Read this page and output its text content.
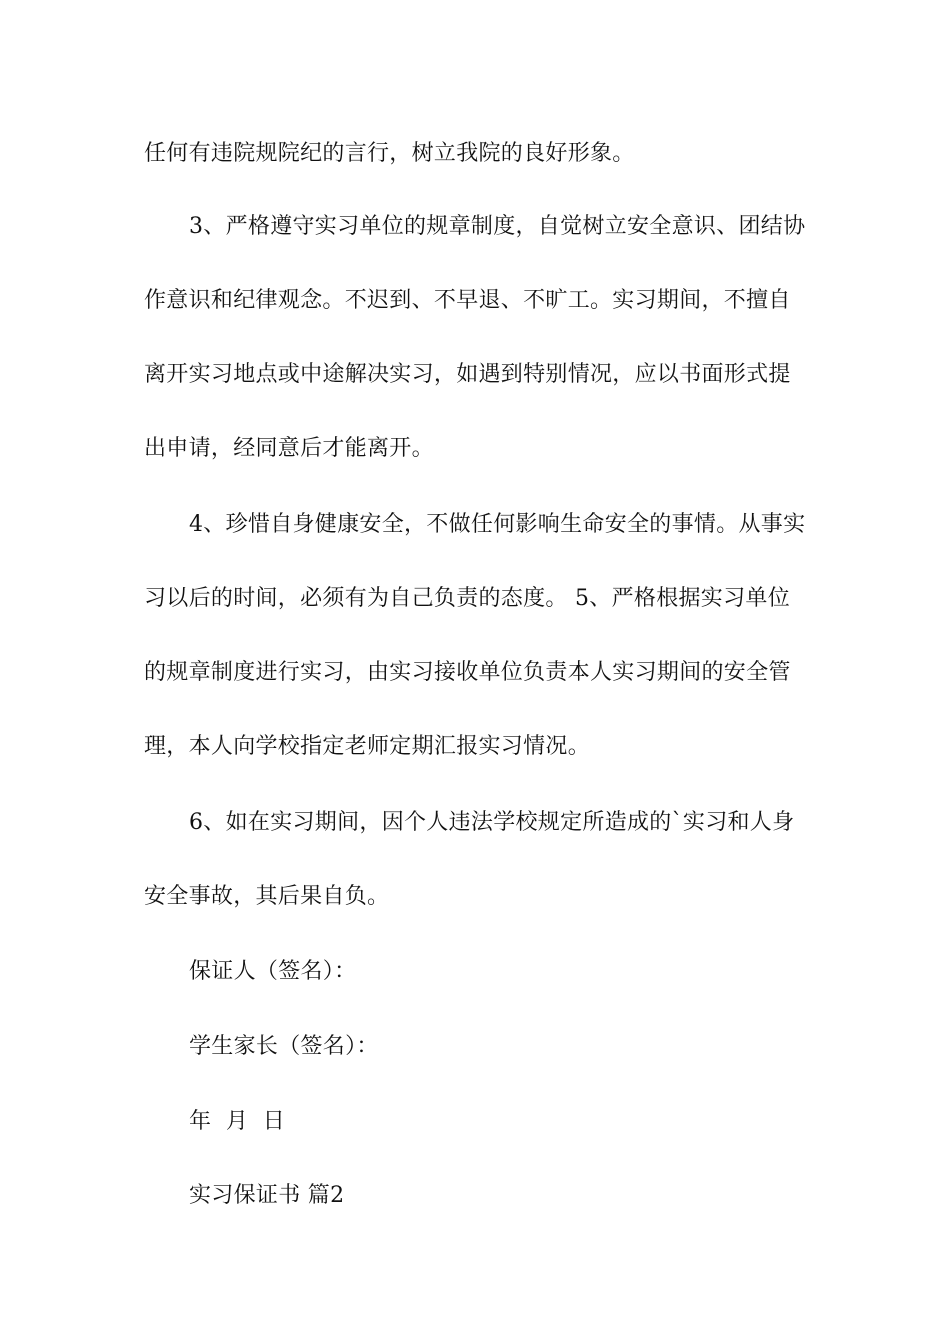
任何有违院规院纪的言行，树立我院的良好形象。
3、严格遵守实习单位的规章制度，自觉树立安全意识、团结协
作意识和纪律观念。不迟到、不早退、不旷工。实习期间，不擅自
离开实习地点或中途解决实习，如遇到特别情况，应以书面形式提
出申请，经同意后才能离开。
4、珍惜自身健康安全，不做任何影响生命安全的事情。从事实
习以后的时间，必须有为自己负责的态度。 5、严格根据实习单位
的规章制度进行实习，由实习接收单位负责本人实习期间的安全管
理，本人向学校指定老师定期汇报实习情况。
6、如在实习期间，因个人违法学校规定所造成的`实习和人身
安全事故，其后果自负。
保证人（签名）：
学生家长（签名）：
年  月  日
实习保证书 篇2
